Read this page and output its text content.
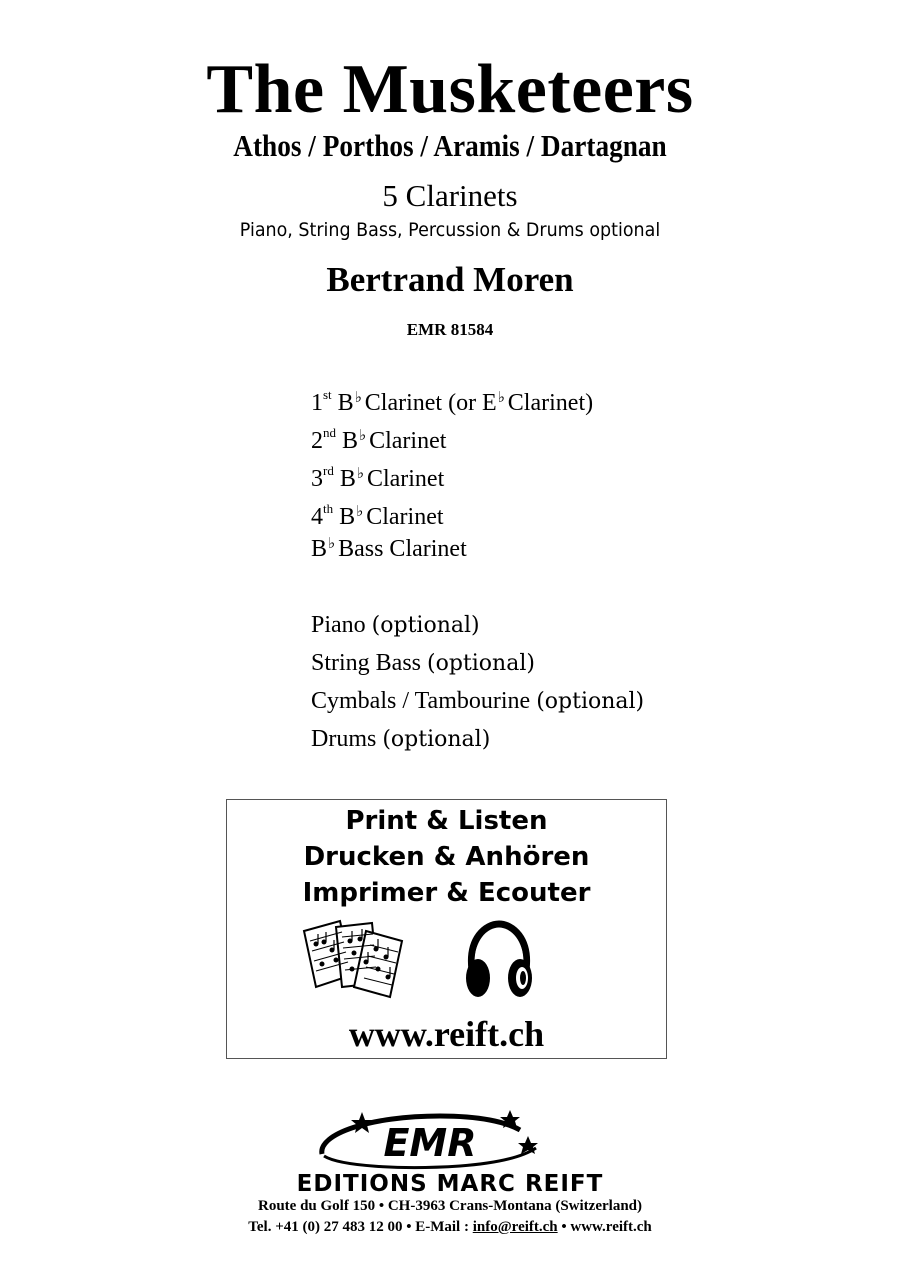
The Musketeers
Athos / Porthos / Aramis / Dartagnan
5 Clarinets
Piano, String Bass, Percussion & Drums optional
Bertrand Moren
EMR 81584
1st B♭ Clarinet (or E♭ Clarinet)
2nd B♭ Clarinet
3rd B♭ Clarinet
4th B♭ Clarinet
B♭ Bass Clarinet
Piano (optional)
String Bass (optional)
Cymbals / Tambourine (optional)
Drums (optional)
Print & Listen
Drucken & Anhören
Imprimer & Ecouter
www.reift.ch
EMR
EDITIONS MARC REIFT
Route du Golf 150 • CH-3963 Crans-Montana (Switzerland)
Tel. +41 (0) 27 483 12 00 • E-Mail : info@reift.ch • www.reift.ch
